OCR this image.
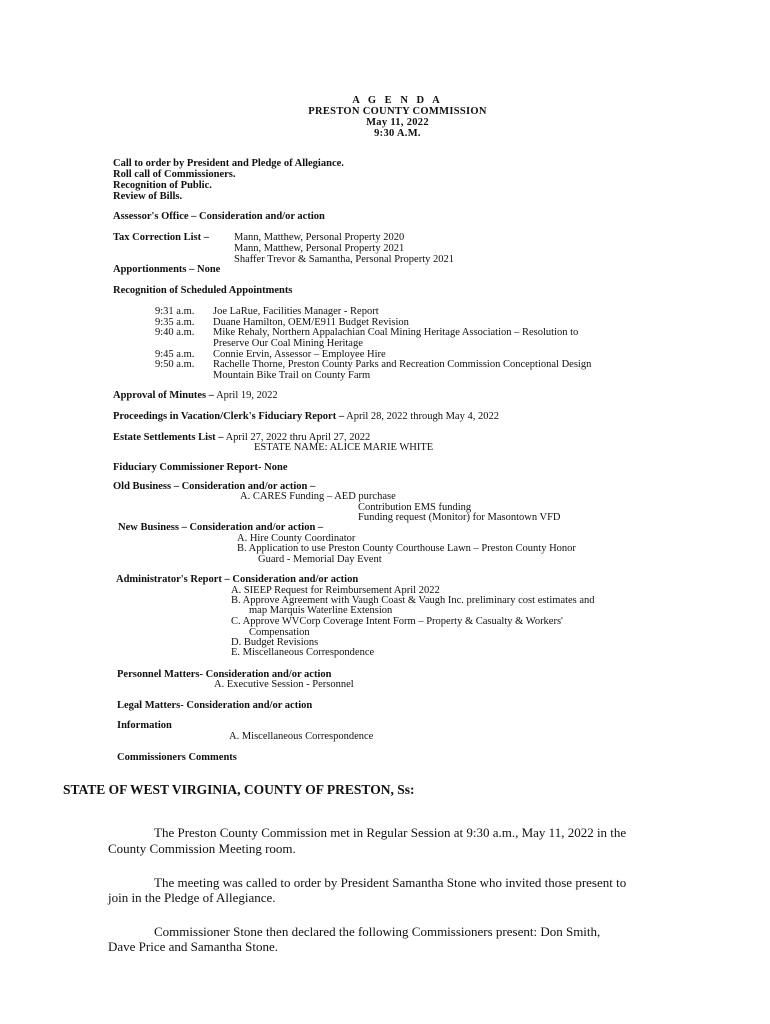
A G E N D A
PRESTON COUNTY COMMISSION
May 11, 2022
9:30 A.M.
Call to order by President and Pledge of Allegiance.
Roll call of Commissioners.
Recognition of Public.
Review of Bills.
Assessor's Office – Consideration and/or action
Tax Correction List – Mann, Matthew, Personal Property 2020
Mann, Matthew, Personal Property 2021
Shaffer Trevor & Samantha, Personal Property 2021
Apportionments – None
Recognition of Scheduled Appointments
9:31 a.m. Joe LaRue, Facilities Manager - Report
9:35 a.m. Duane Hamilton, OEM/E911 Budget Revision
9:40 a.m. Mike Rehaly, Northern Appalachian Coal Mining Heritage Association – Resolution to
Preserve Our Coal Mining Heritage
9:45 a.m. Connie Ervin, Assessor – Employee Hire
9:50 a.m. Rachelle Thorne, Preston County Parks and Recreation Commission Conceptional Design
Mountain Bike Trail on County Farm
Approval of Minutes – April 19, 2022
Proceedings in Vacation/Clerk's Fiduciary Report – April 28, 2022 through May 4, 2022
Estate Settlements List – April 27, 2022 thru April 27, 2022
ESTATE NAME: ALICE MARIE WHITE
Fiduciary Commissioner Report- None
Old Business – Consideration and/or action –
A. CARES Funding – AED purchase
Contribution EMS funding
Funding request (Monitor) for Masontown VFD
New Business – Consideration and/or action –
A. Hire County Coordinator
B. Application to use Preston County Courthouse Lawn – Preston County Honor
Guard - Memorial Day Event
Administrator's Report – Consideration and/or action
A. SIEEP Request for Reimbursement April 2022
B. Approve Agreement with Vaugh Coast & Vaugh Inc. preliminary cost estimates and
map Marquis Waterline Extension
C. Approve WVCorp Coverage Intent Form – Property & Casualty & Workers'
Compensation
D. Budget Revisions
E. Miscellaneous Correspondence
Personnel Matters- Consideration and/or action
A. Executive Session - Personnel
Legal Matters- Consideration and/or action
Information
A. Miscellaneous Correspondence
Commissioners Comments
STATE OF WEST VIRGINIA, COUNTY OF PRESTON, Ss:
The Preston County Commission met in Regular Session at 9:30 a.m., May 11, 2022 in the
County Commission Meeting room.
The meeting was called to order by President Samantha Stone who invited those present to
join in the Pledge of Allegiance.
Commissioner Stone then declared the following Commissioners present: Don Smith,
Dave Price and Samantha Stone.
